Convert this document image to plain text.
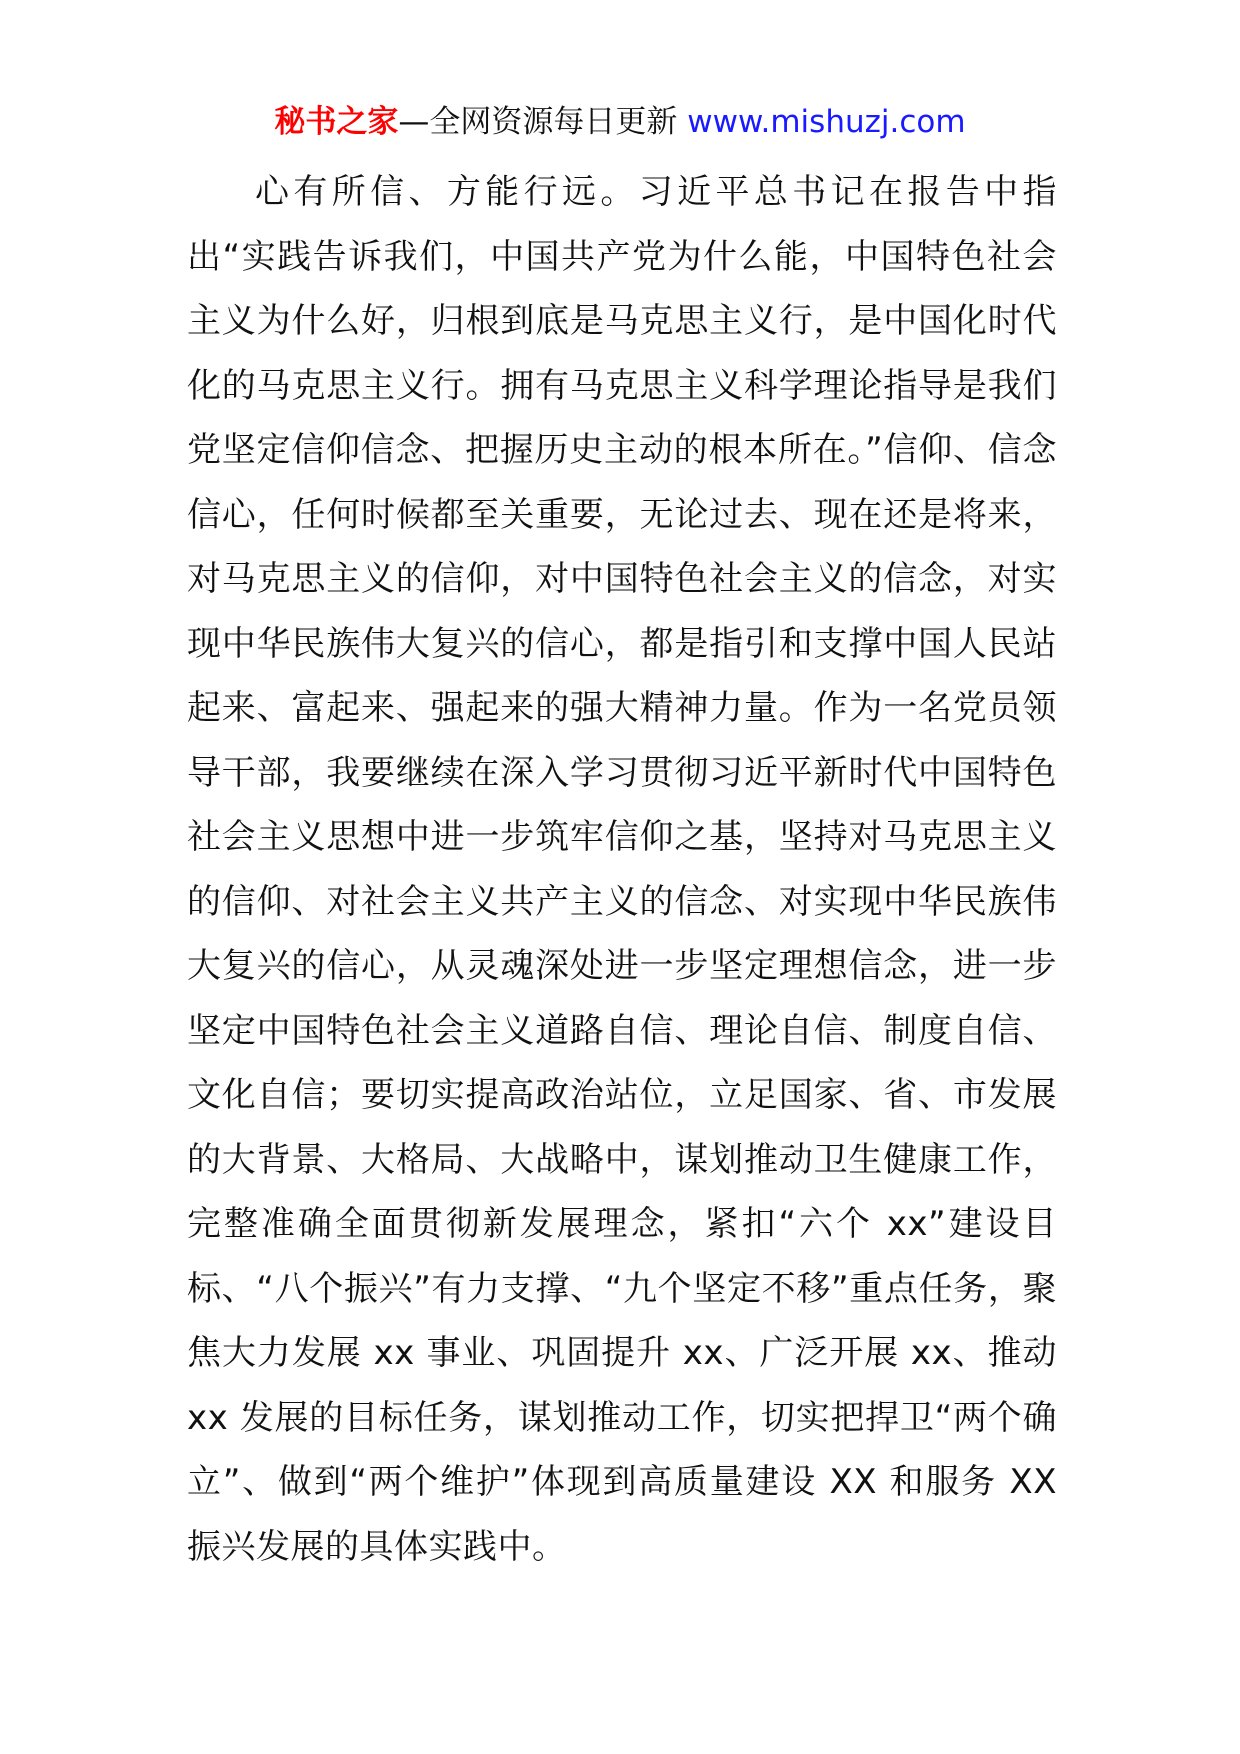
秘书之家—全网资源每日更新 www.mishuzj.com

心有所信、方能行远。习近平总书记在报告中指出“实践告诉我们，中国共产党为什么能，中国特色社会主义为什么好，归根到底是马克思主义行，是中国化时代化的马克思主义行。拥有马克思主义科学理论指导是我们党坚定信仰信念、把握历史主动的根本所在。”信仰、信念信心，任何时候都至关重要，无论过去、现在还是将来，对马克思主义的信仰，对中国特色社会主义的信念，对实现中华民族伟大复兴的信心，都是指引和支撑中国人民站起来、富起来、强起来的强大精神力量。作为一名党员领导干部，我要继续在深入学习贯彻习近平新时代中国特色社会主义思想中进一步筑牢信仰之基，坚持对马克思主义的信仰、对社会主义共产主义的信念、对实现中华民族伟大复兴的信心，从灵魂深处进一步坚定理想信念，进一步坚定中国特色社会主义道路自信、理论自信、制度自信、文化自信；要切实提高政治站位，立足国家、省、市发展的大背景、大格局、大战略中，谋划推动卫生健康工作，完整准确全面贯彻新发展理念，紧扣“六个 xx”建设目标、“八个振兴”有力支撑、“九个坚定不移”重点任务，聚焦大力发展 xx 事业、巩固提升 xx、广泛开展 xx、推动 xx 发展的目标任务，谋划推动工作，切实把捍卫“两个确立”、做到“两个维护”体现到高质量建设 XX 和服务 XX 振兴发展的具体实践中。
